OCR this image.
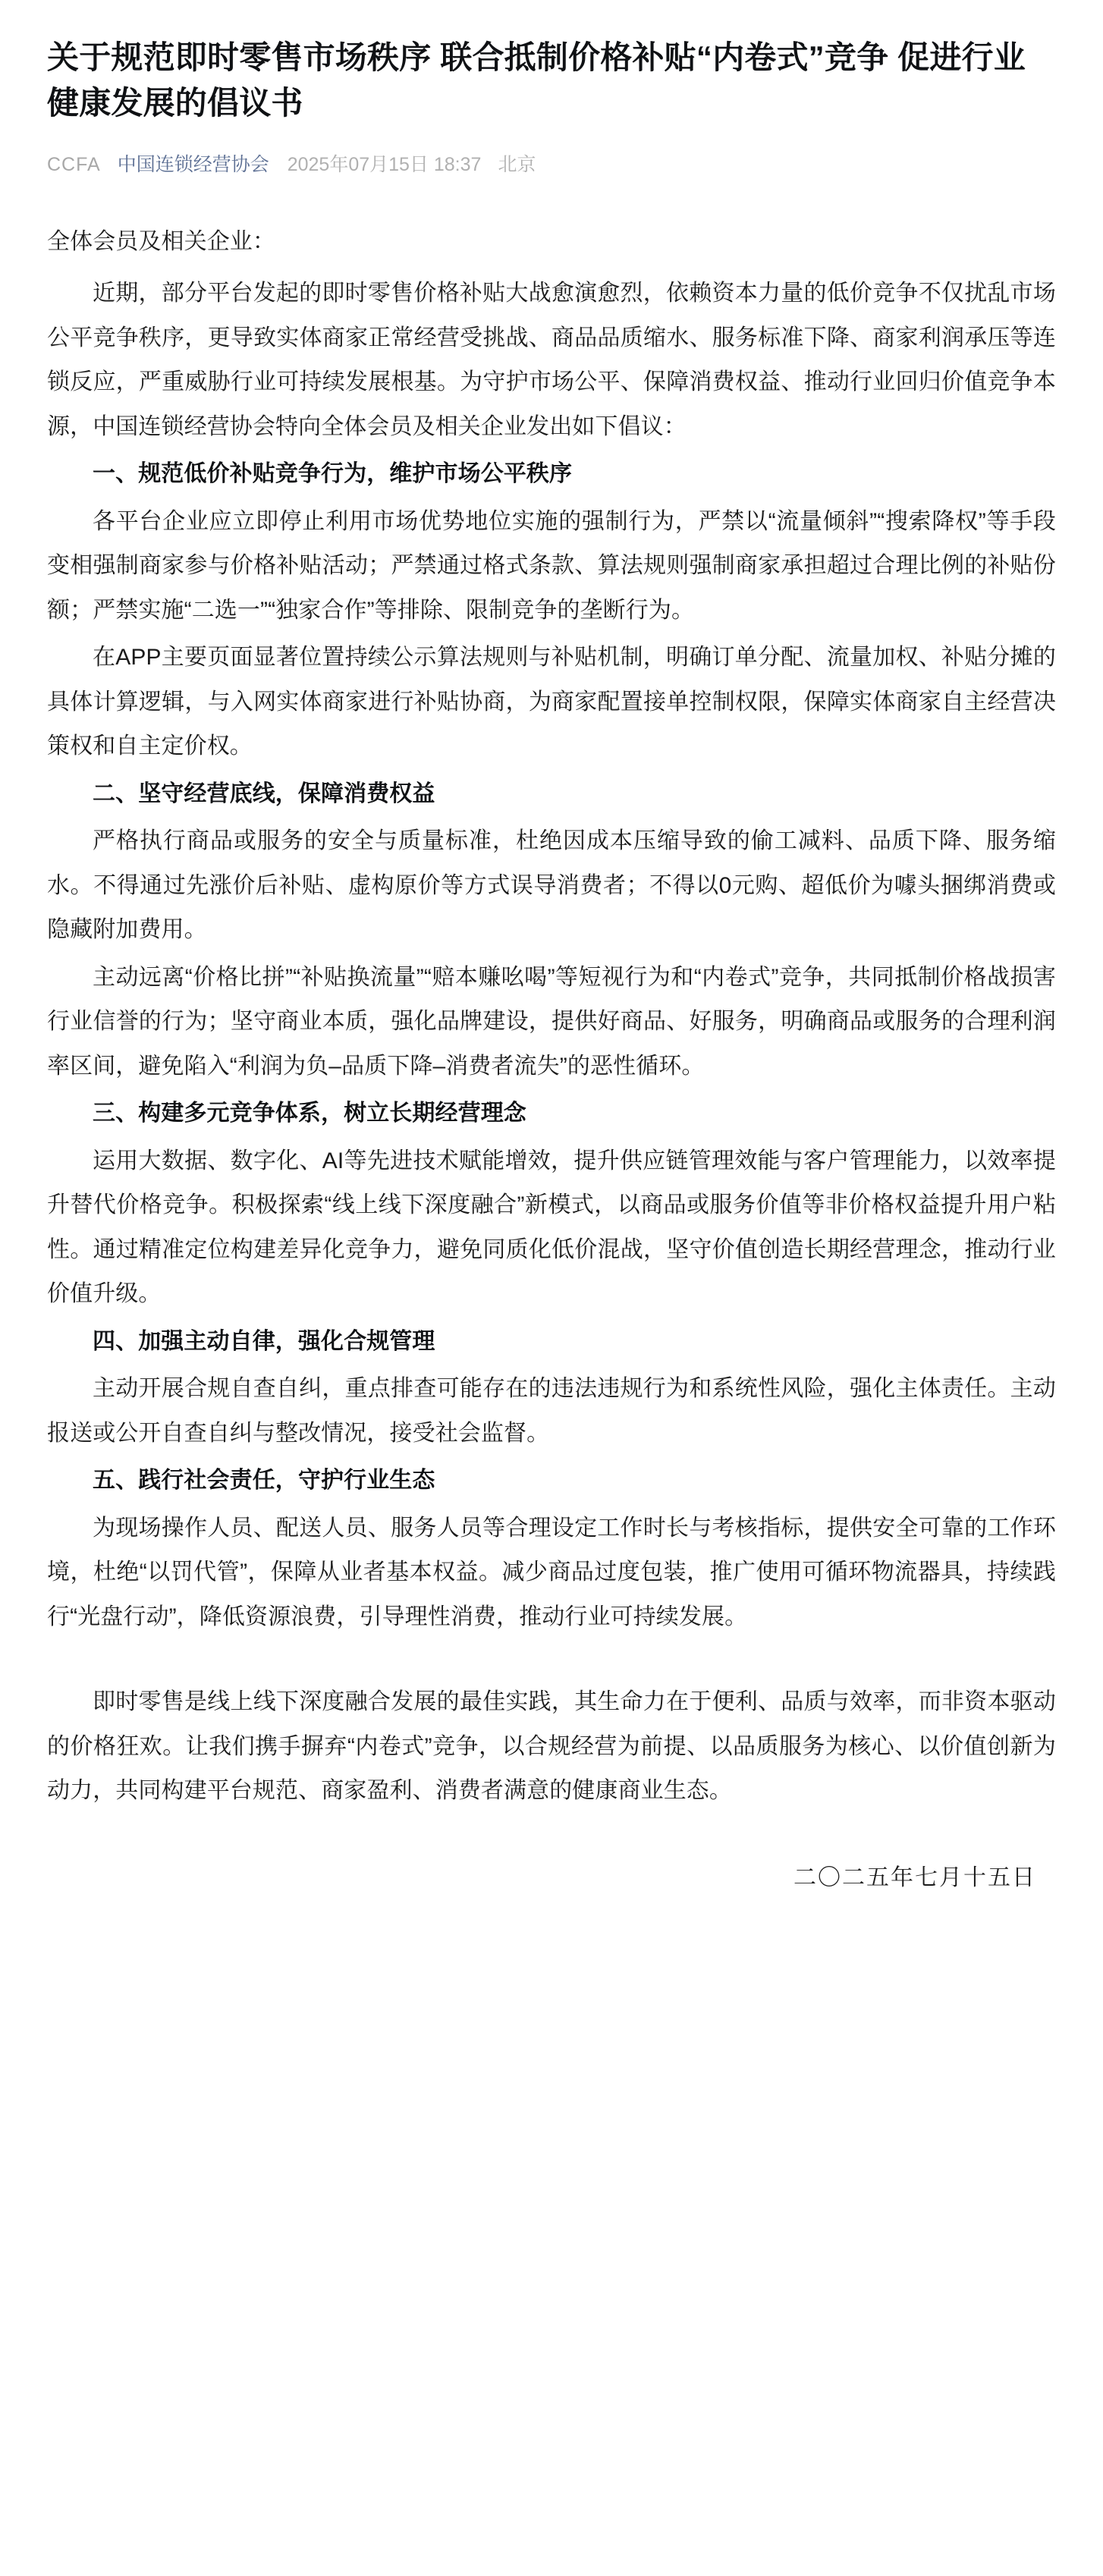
关于规范即时零售市场秩序 联合抵制价格补贴“内卷式”竞争 促进行业健康发展的倡议书
CCFA 中国连锁经营协会 2025年07月15日 18:37 北京

全体会员及相关企业：

近期，部分平台发起的即时零售价格补贴大战愈演愈烈，依赖资本力量的低价竞争不仅扰乱市场公平竞争秩序，更导致实体商家正常经营受挑战、商品品质缩水、服务标准下降、商家利润承压等连锁反应，严重威胁行业可持续发展根基。为守护市场公平、保障消费权益、推动行业回归价值竞争本源，中国连锁经营协会特向全体会员及相关企业发出如下倡议：

一、规范低价补贴竞争行为，维护市场公平秩序

各平台企业应立即停止利用市场优势地位实施的强制行为，严禁以“流量倾斜”“搜索降权”等手段变相强制商家参与价格补贴活动；严禁通过格式条款、算法规则强制商家承担超过合理比例的补贴份额；严禁实施“二选一”“独家合作”等排除、限制竞争的垄断行为。

在APP主要页面显著位置持续公示算法规则与补贴机制，明确订单分配、流量加权、补贴分摊的具体计算逻辑，与入网实体商家进行补贴协商，为商家配置接单控制权限，保障实体商家自主经营决策权和自主定价权。

二、坚守经营底线，保障消费权益

严格执行商品或服务的安全与质量标准，杜绝因成本压缩导致的偷工减料、品质下降、服务缩水。不得通过先涨价后补贴、虚构原价等方式误导消费者；不得以0元购、超低价为噱头捆绑消费或隐藏附加费用。

主动远离“价格比拼”“补贴换流量”“赔本赚吆喝”等短视行为和“内卷式”竞争，共同抵制价格战损害行业信誉的行为；坚守商业本质，强化品牌建设，提供好商品、好服务，明确商品或服务的合理利润率区间，避免陷入“利润为负–品质下降–消费者流失”的恶性循环。

三、构建多元竞争体系，树立长期经营理念

运用大数据、数字化、AI等先进技术赋能增效，提升供应链管理效能与客户管理能力，以效率提升替代价格竞争。积极探索“线上线下深度融合”新模式，以商品或服务价值等非价格权益提升用户粘性。通过精准定位构建差异化竞争力，避免同质化低价混战，坚守价值创造长期经营理念，推动行业价值升级。

四、加强主动自律，强化合规管理

主动开展合规自查自纠，重点排查可能存在的违法违规行为和系统性风险，强化主体责任。主动报送或公开自查自纠与整改情况，接受社会监督。

五、践行社会责任，守护行业生态

为现场操作人员、配送人员、服务人员等合理设定工作时长与考核指标，提供安全可靠的工作环境，杜绝“以罚代管”，保障从业者基本权益。减少商品过度包装，推广使用可循环物流器具，持续践行“光盘行动”，降低资源浪费，引导理性消费，推动行业可持续发展。

即时零售是线上线下深度融合发展的最佳实践，其生命力在于便利、品质与效率，而非资本驱动的价格狂欢。让我们携手摒弃“内卷式”竞争，以合规经营为前提、以品质服务为核心、以价值创新为动力，共同构建平台规范、商家盈利、消费者满意的健康商业生态。

二〇二五年七月十五日
